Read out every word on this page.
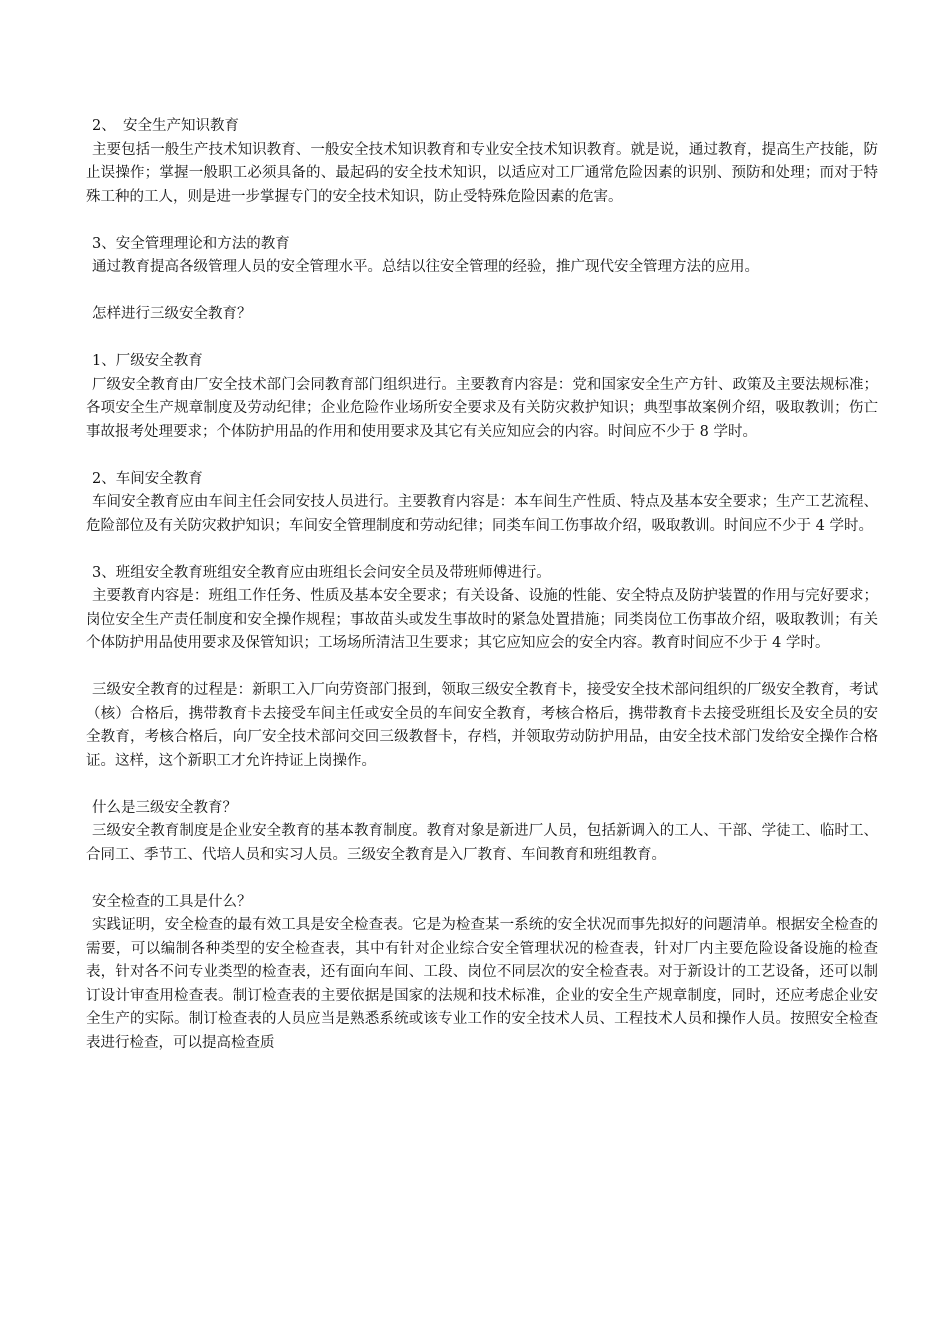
2、　安全生产知识教育

主要包括一般生产技术知识教育、一般安全技术知识教育和专业安全技术知识教育。就是说，通过教育，提高生产技能，防止误操作；掌握一般职工必须具备的、最起码的安全技术知识，以适应对工厂通常危险因素的识别、预防和处理；而对于特殊工种的工人，则是进一步掌握专门的安全技术知识，防止受特殊危险因素的危害。

3、安全管理理论和方法的教育

通过教育提高各级管理人员的安全管理水平。总结以往安全管理的经验，推广现代安全管理方法的应用。

怎样进行三级安全教育？

1、厂级安全教育

厂级安全教育由厂安全技术部门会同教育部门组织进行。主要教育内容是：党和国家安全生产方针、政策及主要法规标准；各项安全生产规章制度及劳动纪律；企业危险作业场所安全要求及有关防灾救护知识；典型事故案例介绍，吸取教训；伤亡事故报考处理要求；个体防护用品的作用和使用要求及其它有关应知应会的内容。时间应不少于 8 学时。

2、车间安全教育

车间安全教育应由车间主任会同安技人员进行。主要教育内容是：本车间生产性质、特点及基本安全要求；生产工艺流程、危险部位及有关防灾救护知识；车间安全管理制度和劳动纪律；同类车间工伤事故介绍，吸取教训。时间应不少于 4 学时。

3、班组安全教育班组安全教育应由班组长会问安全员及带班师傅进行。

主要教育内容是：班组工作任务、性质及基本安全要求；有关设备、设施的性能、安全特点及防护装置的作用与完好要求；岗位安全生产责任制度和安全操作规程；事故苗头或发生事故时的紧急处置措施；同类岗位工伤事故介绍，吸取教训；有关个体防护用品使用要求及保管知识；工场场所清洁卫生要求；其它应知应会的安全内容。教育时间应不少于 4 学时。

三级安全教育的过程是：新职工入厂向劳资部门报到，领取三级安全教育卡，接受安全技术部问组织的厂级安全教育，考试（核）合格后，携带教育卡去接受车间主任或安全员的车间安全教育，考核合格后，携带教育卡去接受班组长及安全员的安全教育，考核合格后，向厂安全技术部问交回三级教督卡，存档，并领取劳动防护用品，由安全技术部门发给安全操作合格证。这样，这个新职工才允许持证上岗操作。

什么是三级安全教育？

三级安全教育制度是企业安全教育的基本教育制度。教育对象是新进厂人员，包括新调入的工人、干部、学徒工、临时工、合同工、季节工、代培人员和实习人员。三级安全教育是入厂教育、车间教育和班组教育。

安全检查的工具是什么？

实践证明，安全检查的最有效工具是安全检查表。它是为检查某一系统的安全状况而事先拟好的问题清单。根据安全检查的需要，可以编制各种类型的安全检查表，其中有针对企业综合安全管理状况的检查表，针对厂内主要危险设备设施的检查表，针对各不问专业类型的检查表，还有面向车间、工段、岗位不同层次的安全检查表。对于新设计的工艺设备，还可以制订设计审查用检查表。制订检查表的主要依据是国家的法规和技术标准，企业的安全生产规章制度，同时，还应考虑企业安全生产的实际。制订检查表的人员应当是熟悉系统或该专业工作的安全技术人员、工程技术人员和操作人员。按照安全检查表进行检查，可以提高检查质
